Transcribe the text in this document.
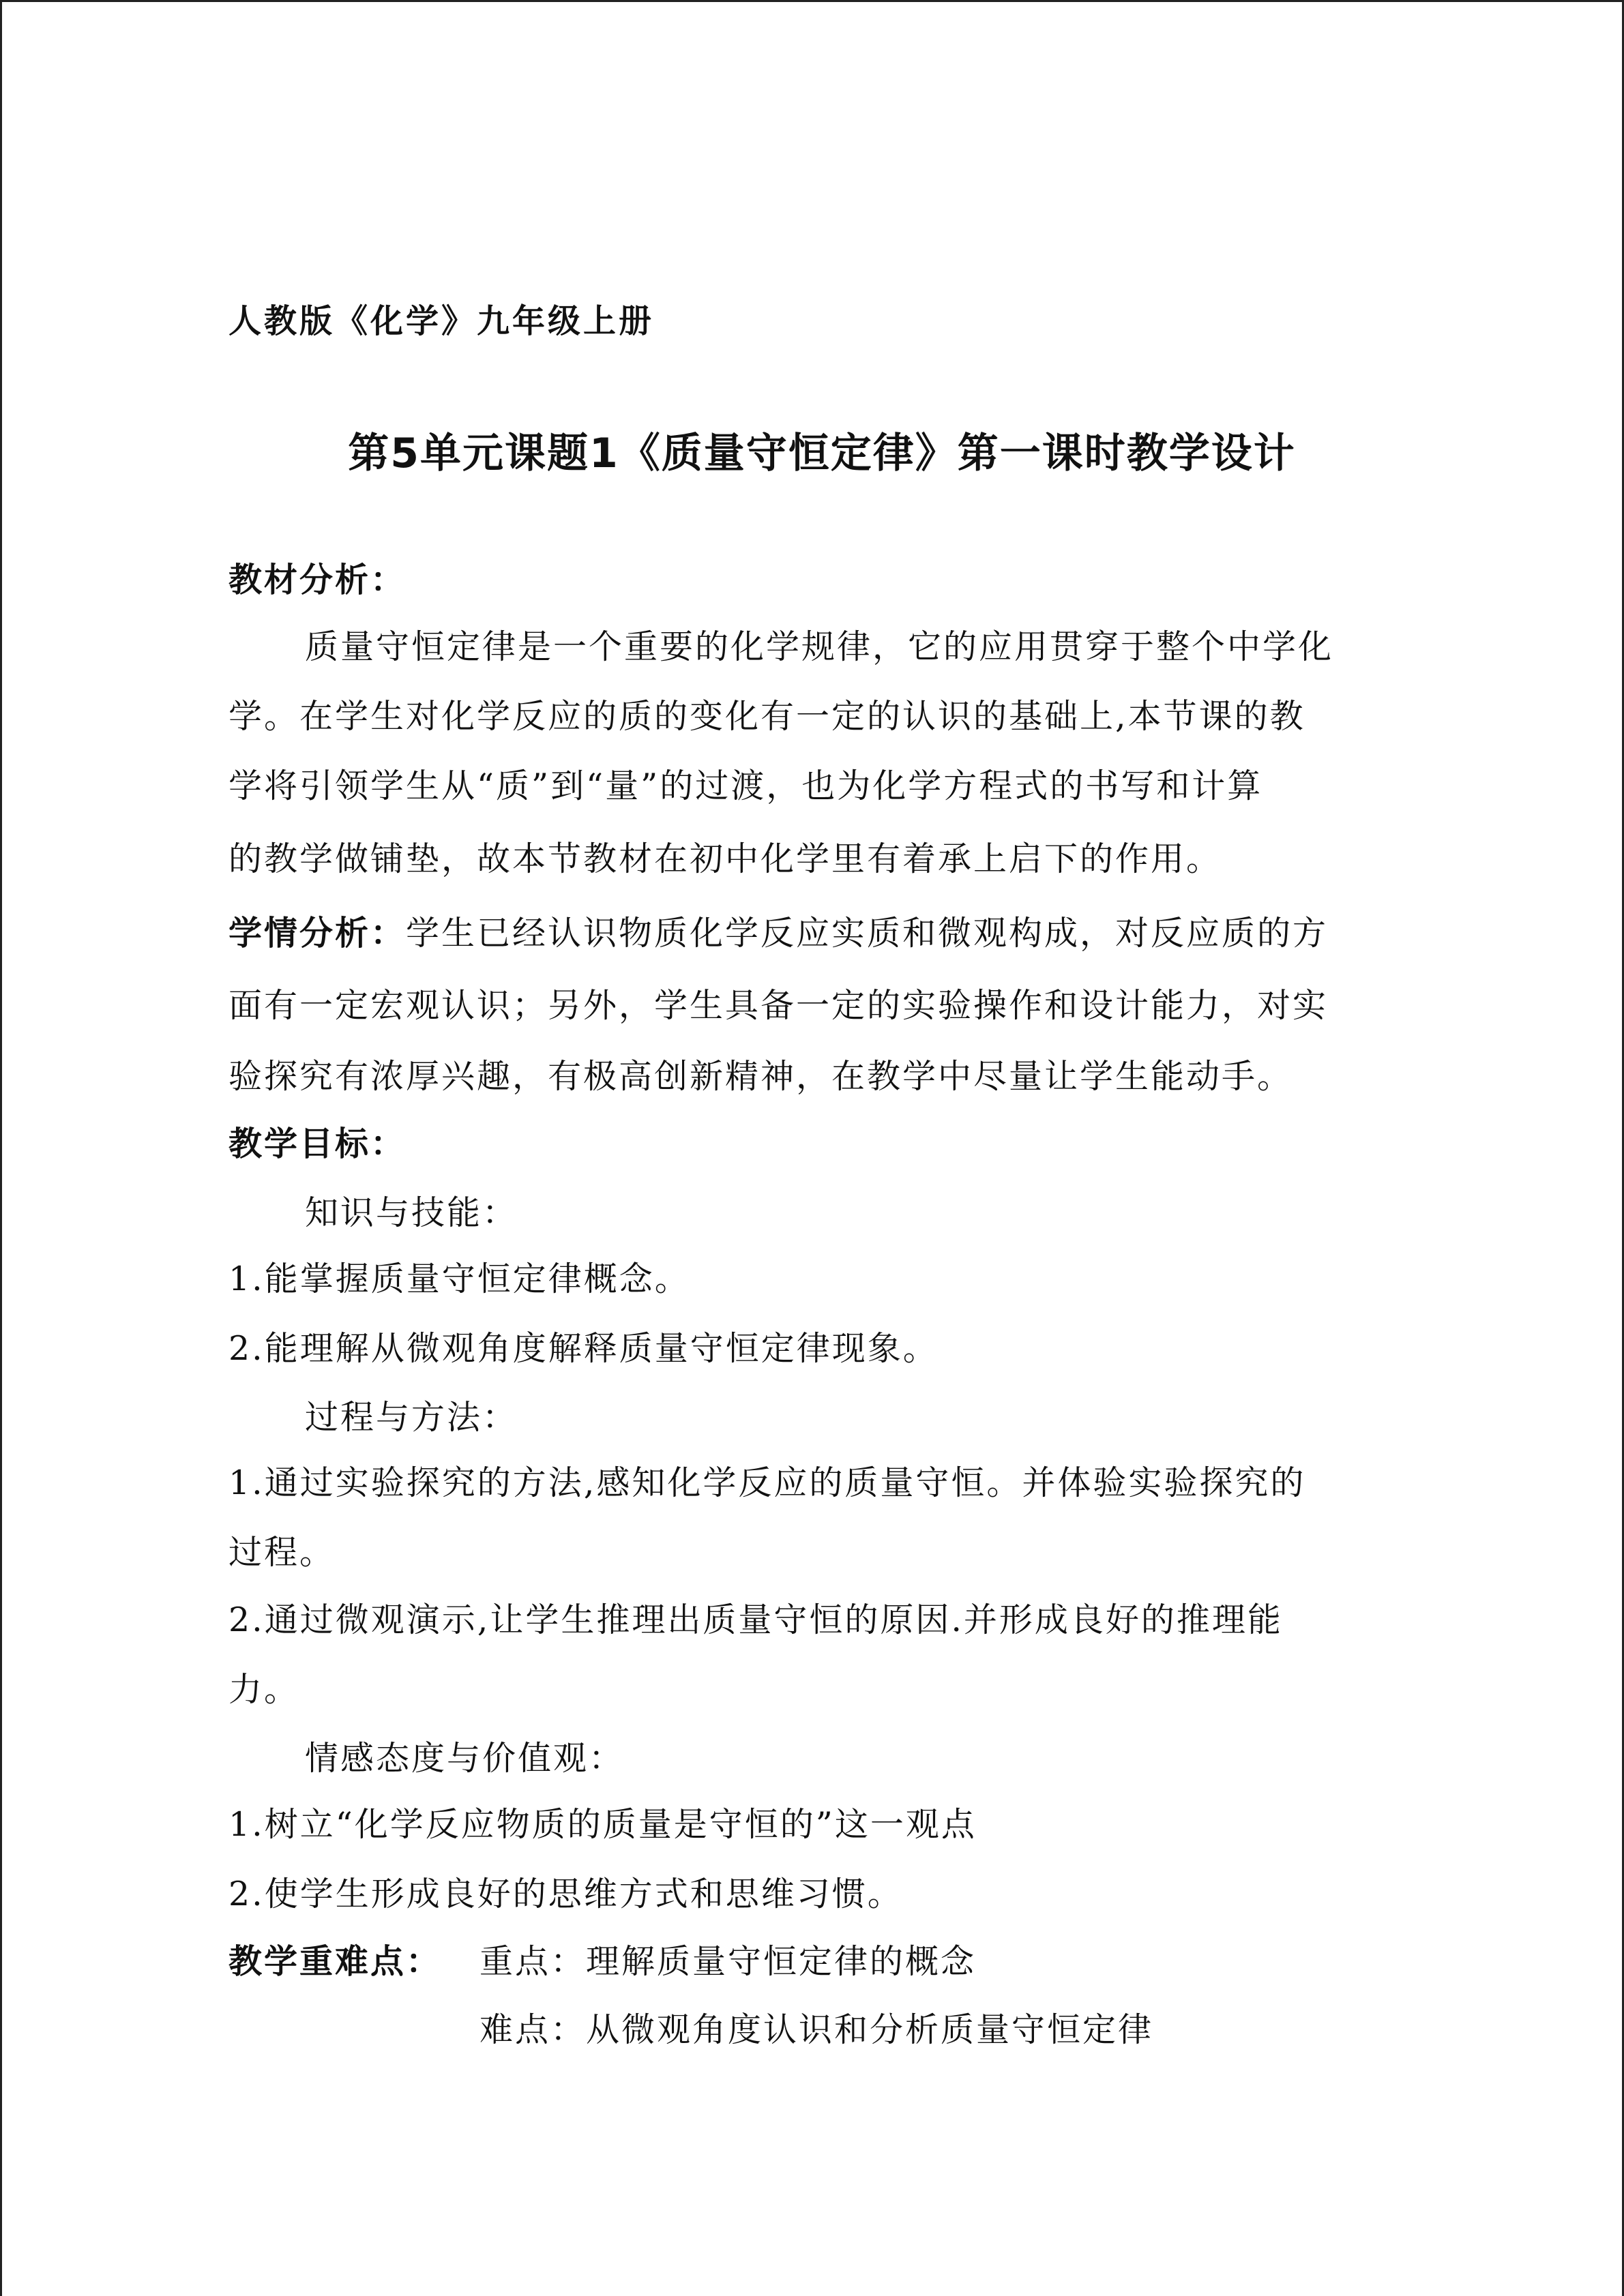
人教版《化学》九年级上册
第5单元课题1《质量守恒定律》第一课时教学设计
教材分析：
质量守恒定律是一个重要的化学规律，它的应用贯穿于整个中学化
学。在学生对化学反应的质的变化有一定的认识的基础上,本节课的教
学将引领学生从“质”到“量”的过渡，也为化学方程式的书写和计算
的教学做铺垫，故本节教材在初中化学里有着承上启下的作用。
学情分析：学生已经认识物质化学反应实质和微观构成，对反应质的方
面有一定宏观认识；另外，学生具备一定的实验操作和设计能力，对实
验探究有浓厚兴趣，有极高创新精神，在教学中尽量让学生能动手。
教学目标：
知识与技能：
1.能掌握质量守恒定律概念。
2.能理解从微观角度解释质量守恒定律现象。
过程与方法：
1.通过实验探究的方法,感知化学反应的质量守恒。并体验实验探究的
过程。
2.通过微观演示,让学生推理出质量守恒的原因.并形成良好的推理能
力。
情感态度与价值观：
1.树立“化学反应物质的质量是守恒的”这一观点
2.使学生形成良好的思维方式和思维习惯。
教学重难点： 重点：理解质量守恒定律的概念
难点：从微观角度认识和分析质量守恒定律
